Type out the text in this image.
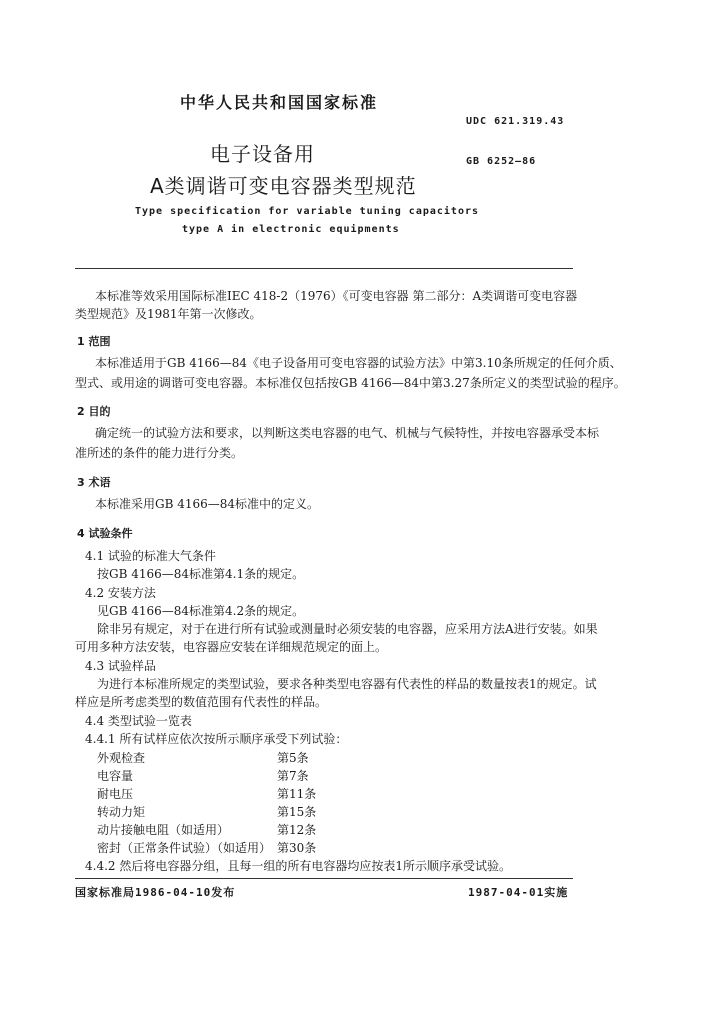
中华人民共和国国家标准
UDC 621.319.43
GB 6252—86
电子设备用
A类调谐可变电容器类型规范
Type specification for variable tuning capacitors
type A in electronic equipments
本标准等效采用国际标准IEC 418-2（1976）《可变电容器 第二部分：A类调谐可变电容器
类型规范》及1981年第一次修改。
1 范围
本标准适用于GB 4166—84《电子设备用可变电容器的试验方法》中第3.10条所规定的任何介质、
型式、或用途的调谐可变电容器。本标准仅包括按GB 4166—84中第3.27条所定义的类型试验的程序。
2 目的
确定统一的试验方法和要求，以判断这类电容器的电气、机械与气候特性，并按电容器承受本标
准所述的条件的能力进行分类。
3 术语
本标准采用GB 4166—84标准中的定义。
4 试验条件
4.1 试验的标准大气条件
按GB 4166—84标准第4.1条的规定。
4.2 安装方法
见GB 4166—84标准第4.2条的规定。
除非另有规定，对于在进行所有试验或测量时必须安装的电容器，应采用方法A进行安装。如果
可用多种方法安装，电容器应安装在详细规范规定的面上。
4.3 试验样品
为进行本标准所规定的类型试验，要求各种类型电容器有代表性的样品的数量按表1的规定。试
样应是所考虑类型的数值范围有代表性的样品。
4.4 类型试验一览表
4.4.1 所有试样应依次按所示顺序承受下列试验：
外观检查	第5条
电容量	第7条
耐电压	第11条
转动力矩	第15条
动片接触电阻（如适用）	第12条
密封（正常条件试验）（如适用） 第30条
4.4.2 然后将电容器分组，且每一组的所有电容器均应按表1所示顺序承受试验。
国家标准局1986-04-10发布	1987-04-01实施
